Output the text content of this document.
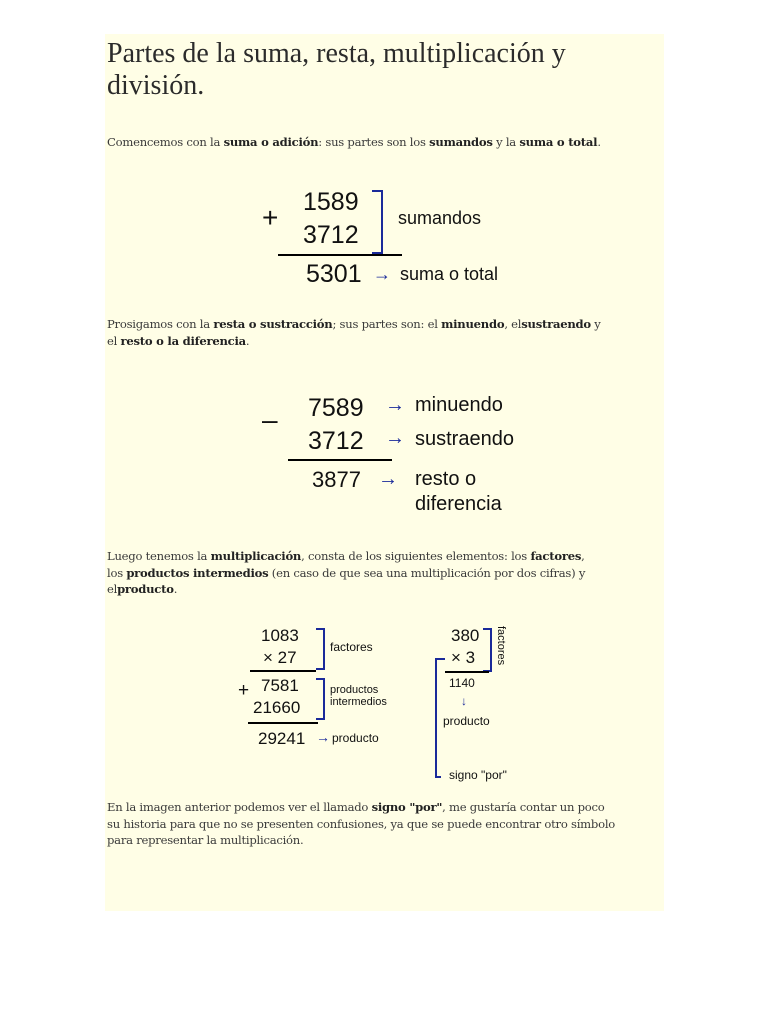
Partes de la suma, resta, multiplicación y división.
Comencemos con la suma o adición: sus partes son los sumandos y la suma o total.
+ 1589
3712
sumandos
5301 → suma o total
Prosigamos con la resta o sustracción; sus partes son: el minuendo, elsustraendo y
el resto o la diferencia.
– 7589 → minuendo
3712 → sustraendo
3877 → resto o
diferencia
Luego tenemos la multiplicación, consta de los siguientes elementos: los factores,
los productos intermedios (en caso de que sea una multiplicación por dos cifras) y
elproducto.
1083
× 27
factores
+ 7581
21660
productos
intermedios
29241 → producto
380
× 3 factores
1140
↓
producto
signo "por"
En la imagen anterior podemos ver el llamado signo "por", me gustaría contar un poco
su historia para que no se presenten confusiones, ya que se puede encontrar otro símbolo
para representar la multiplicación.
